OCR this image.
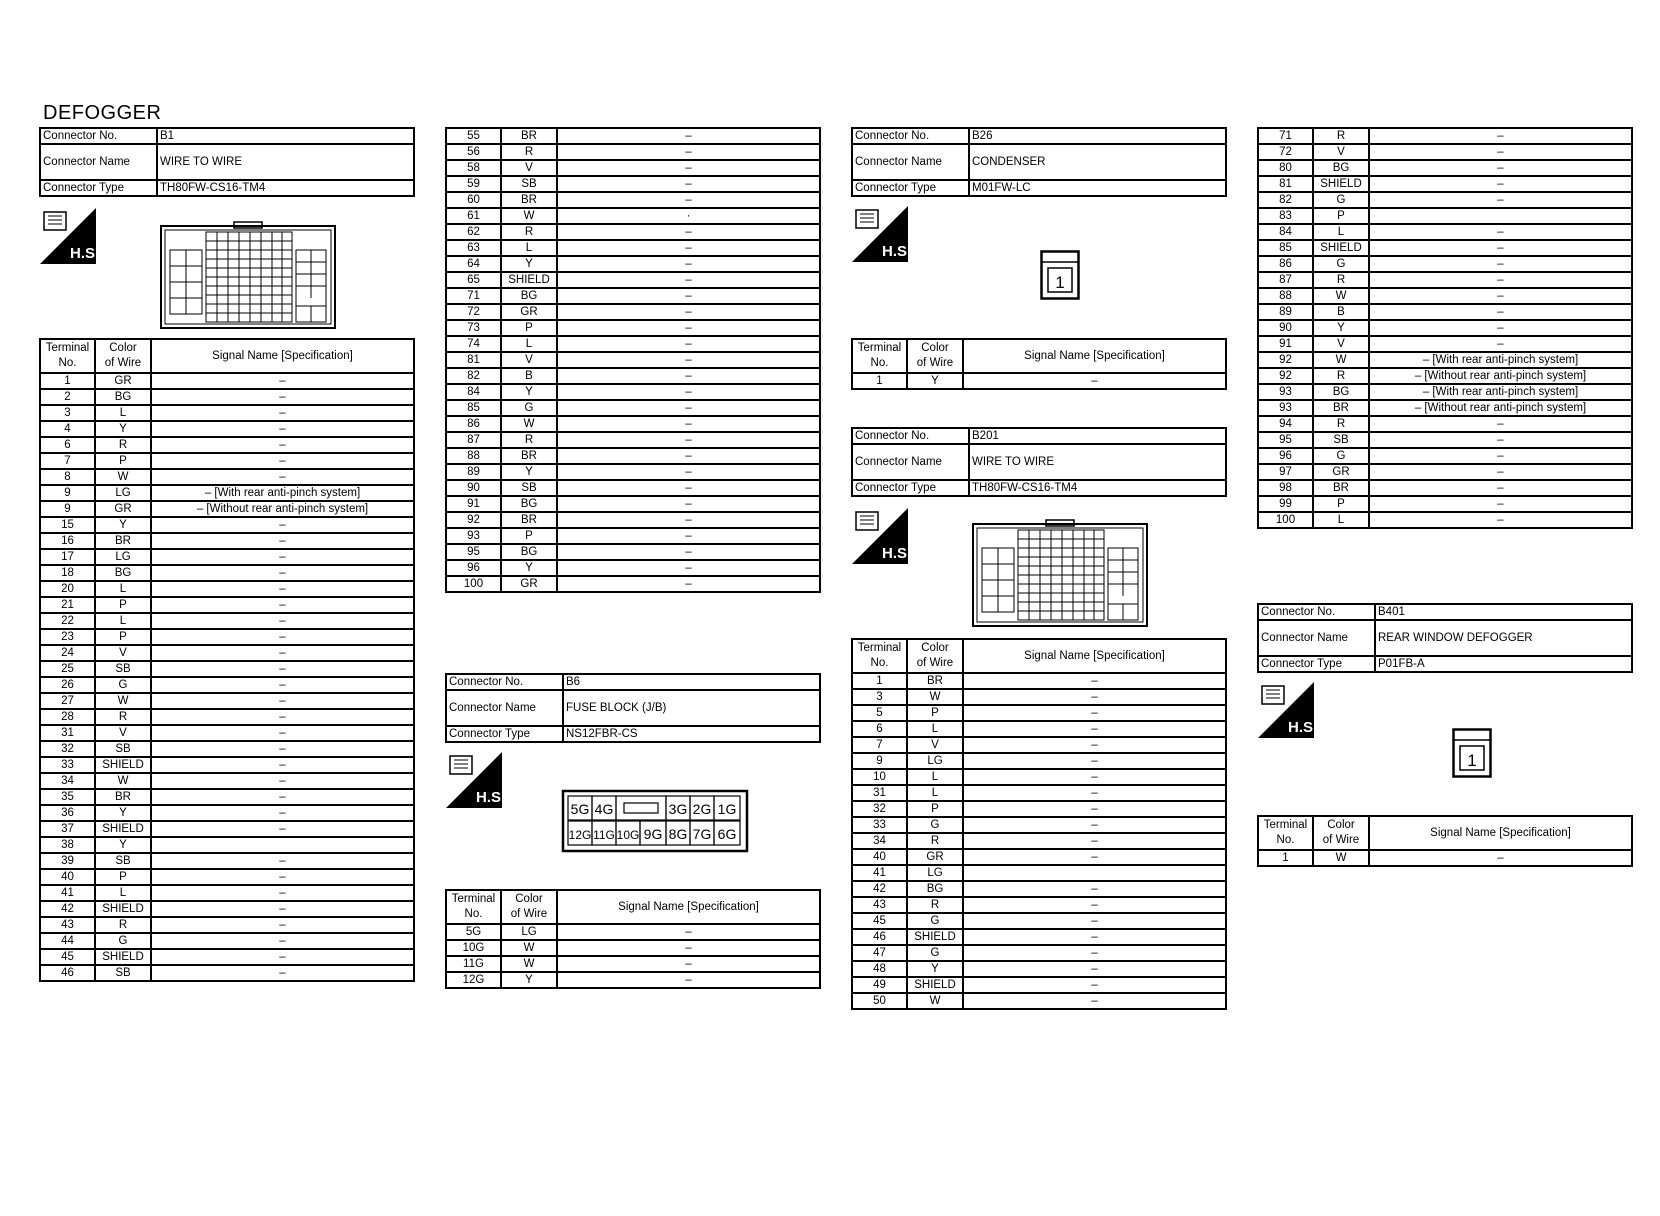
DEFOGGER
Connector No.	B1
Connector Name	WIRE TO WIRE
Connector Type	TH80FW-CS16-TM4
H.S.
Terminal
No.	Color
of Wire	Signal Name [Specification]
1	GR	–
2	BG	–
3	L	–
4	Y	–
6	R	–
7	P	–
8	W	–
9	LG	– [With rear anti-pinch system]
9	GR	– [Without rear anti-pinch system]
15	Y	–
16	BR	–
17	LG	–
18	BG	–
20	L	–
21	P	–
22	L	–
23	P	–
24	V	–
25	SB	–
26	G	–
27	W	–
28	R	–
31	V	–
32	SB	–
33	SHIELD	–
34	W	–
35	BR	–
36	Y	–
37	SHIELD	–
38	Y	
39	SB	–
40	P	–
41	L	–
42	SHIELD	–
43	R	–
44	G	–
45	SHIELD	–
46	SB	–
55	BR	–
56	R	–
58	V	–
59	SB	–
60	BR	–
61	W	·
62	R	–
63	L	–
64	Y	–
65	SHIELD	–
71	BG	–
72	GR	–
73	P	–
74	L	–
81	V	–
82	B	–
84	Y	–
85	G	–
86	W	–
87	R	–
88	BR	–
89	Y	–
90	SB	–
91	BG	–
92	BR	–
93	P	–
95	BG	–
96	Y	–
100	GR	–
Connector No.	B6
Connector Name	FUSE BLOCK (J/B)
Connector Type	NS12FBR-CS
H.S.
5G 4G	3G 2G 1G
12G 11G 10G 9G 8G 7G 6G
Terminal
No.	Color
of Wire	Signal Name [Specification]
5G	LG	–
10G	W	–
11G	W	–
12G	Y	–
Connector No.	B26
Connector Name	CONDENSER
Connector Type	M01FW-LC
H.S.
1
Terminal
No.	Color
of Wire	Signal Name [Specification]
1	Y	–
Connector No.	B201
Connector Name	WIRE TO WIRE
Connector Type	TH80FW-CS16-TM4
H.S.
Terminal
No.	Color
of Wire	Signal Name [Specification]
1	BR	–
3	W	–
5	P	–
6	L	–
7	V	–
9	LG	–
10	L	–
31	L	–
32	P	–
33	G	–
34	R	–
40	GR	–
41	LG	
42	BG	–
43	R	–
45	G	–
46	SHIELD	–
47	G	–
48	Y	–
49	SHIELD	–
50	W	–
71	R	–
72	V	–
80	BG	–
81	SHIELD	–
82	G	–
83	P	
84	L	–
85	SHIELD	–
86	G	–
87	R	–
88	W	–
89	B	–
90	Y	–
91	V	–
92	W	– [With rear anti-pinch system]
92	R	– [Without rear anti-pinch system]
93	BG	– [With rear anti-pinch system]
93	BR	– [Without rear anti-pinch system]
94	R	–
95	SB	–
96	G	–
97	GR	–
98	BR	–
99	P	–
100	L	–
Connector No.	B401
Connector Name	REAR WINDOW DEFOGGER
Connector Type	P01FB-A
H.S.
1
Terminal
No.	Color
of Wire	Signal Name [Specification]
1	W	–
